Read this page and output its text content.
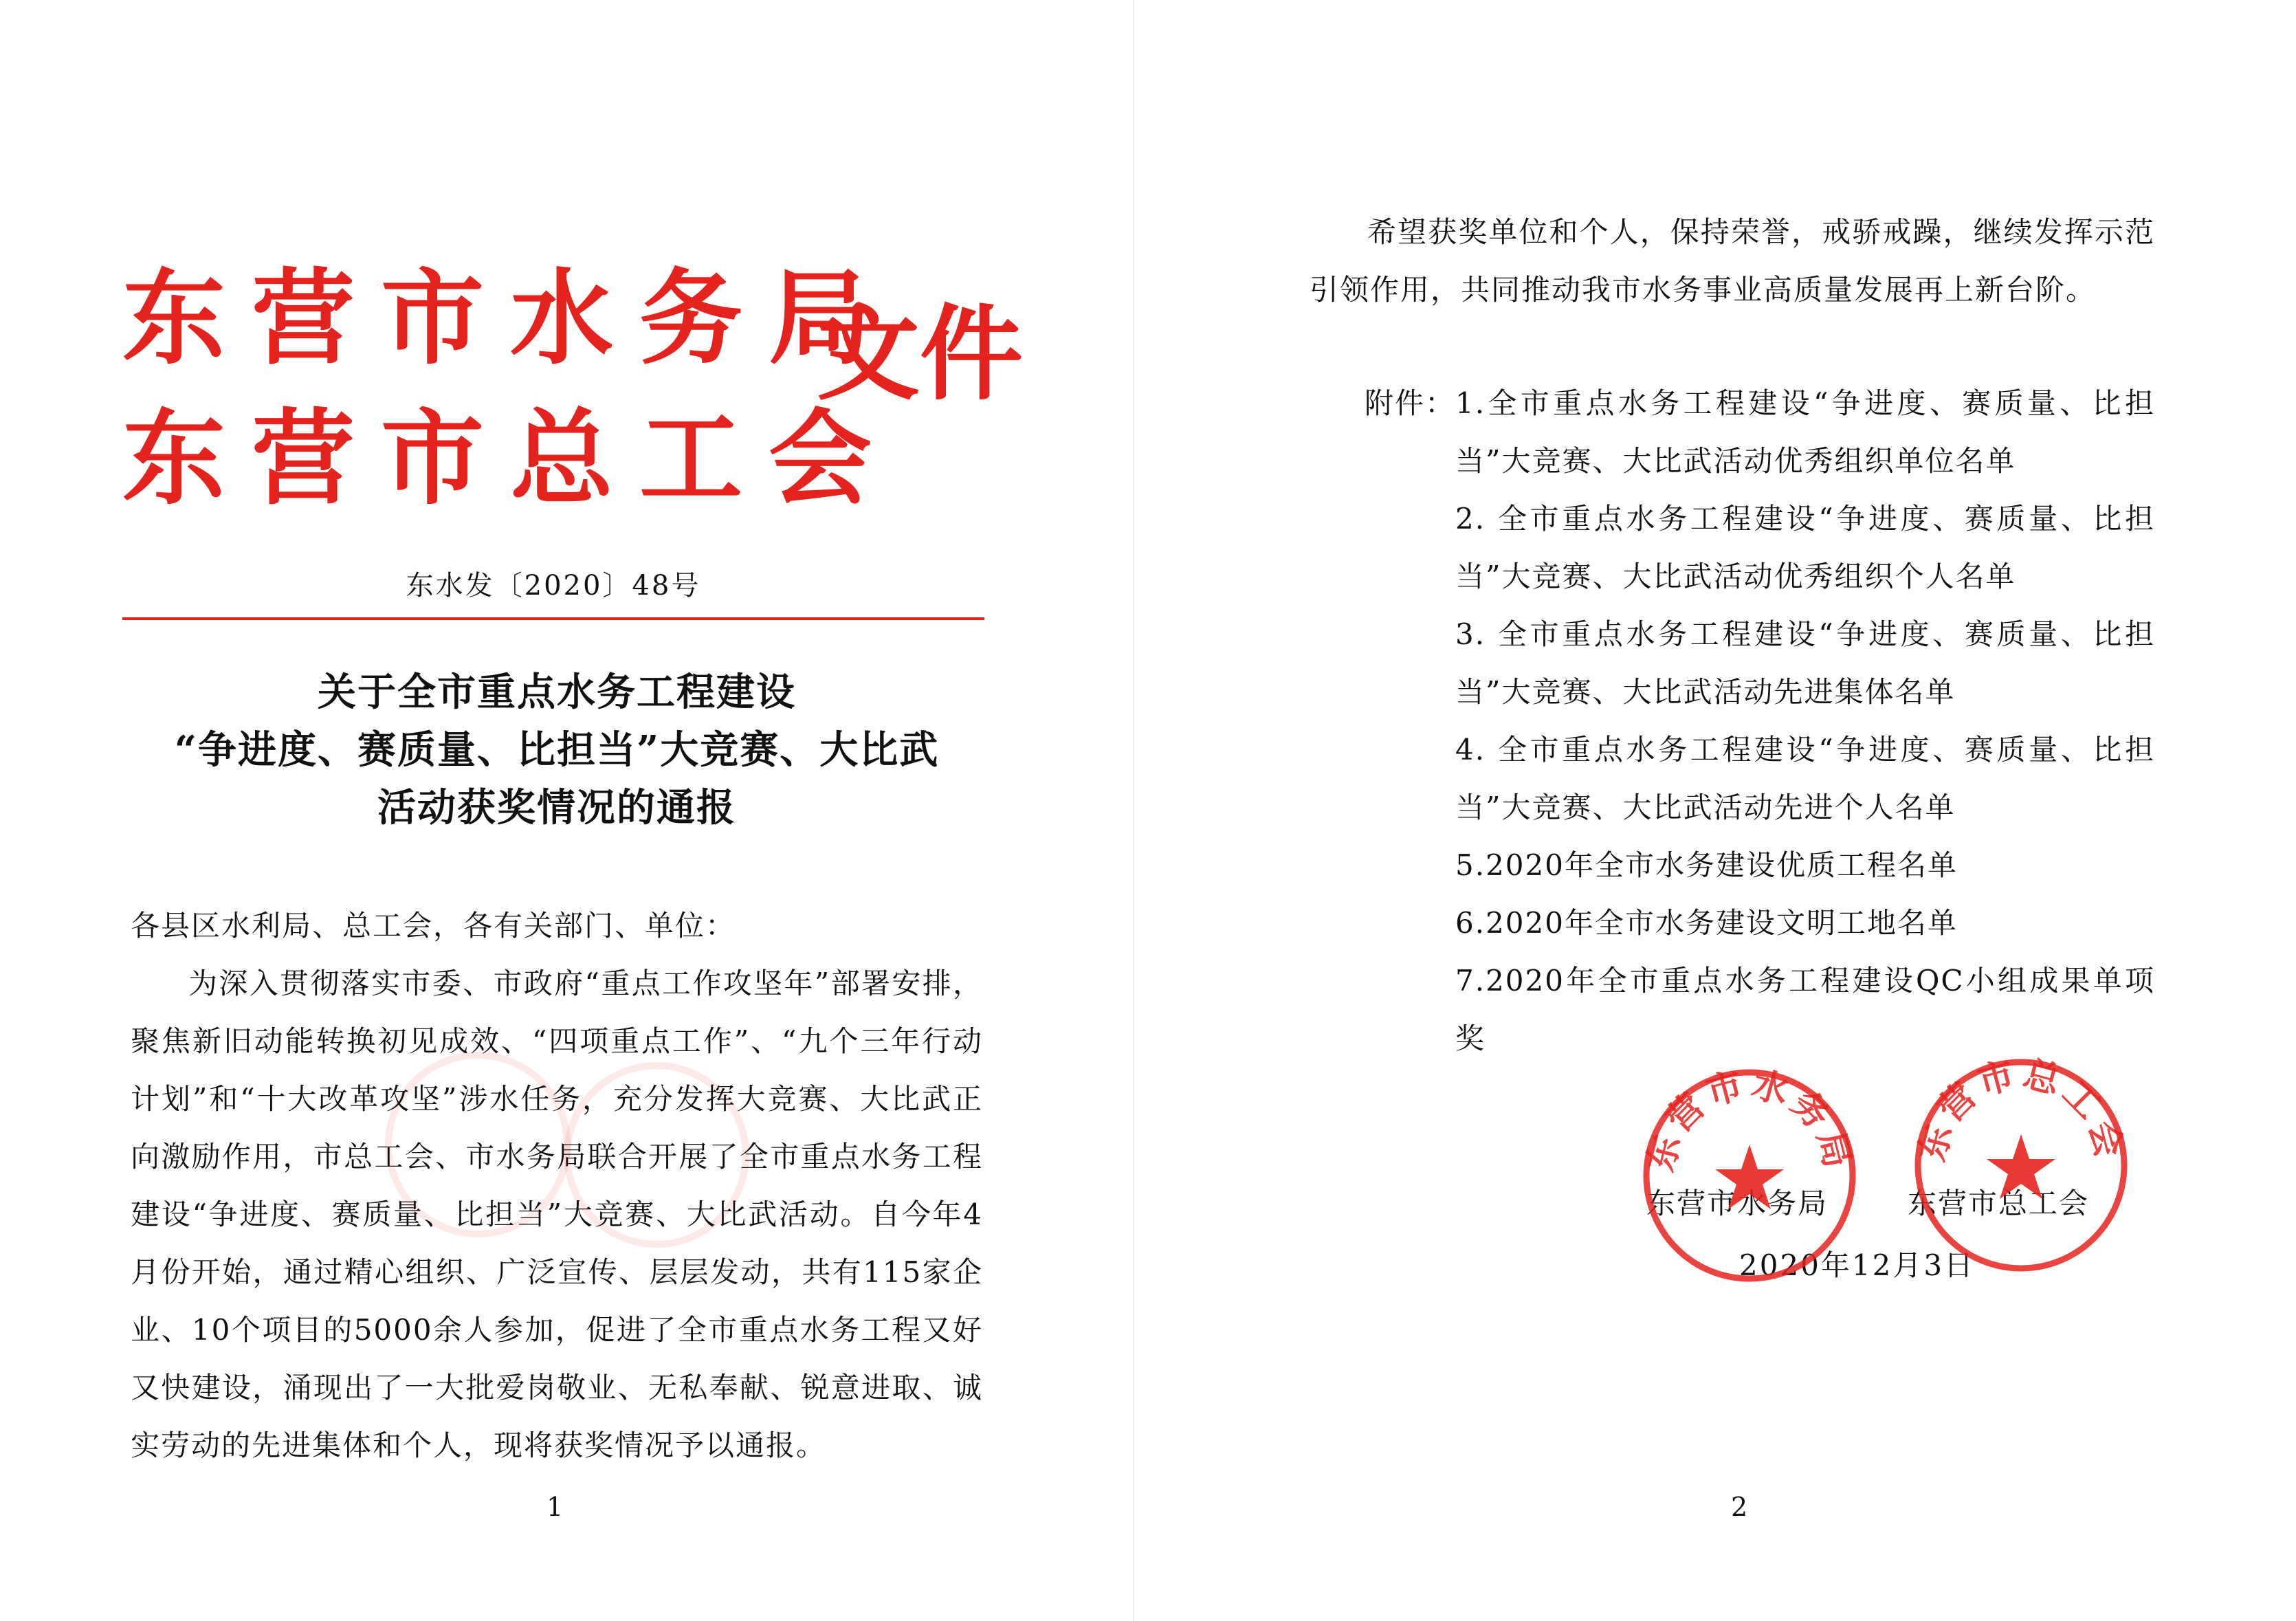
东营市水务局
东营市总工会
文件
东水发〔2020〕48号
关于全市重点水务工程建设
“争进度、赛质量、比担当”大竞赛、大比武
活动获奖情况的通报
各县区水利局、总工会，各有关部门、单位：
为深入贯彻落实市委、市政府“重点工作攻坚年”部署安排，聚焦新旧动能转换初见成效、“四项重点工作”、“九个三年行动计划”和“十大改革攻坚”涉水任务，充分发挥大竞赛、大比武正向激励作用，市总工会、市水务局联合开展了全市重点水务工程建设“争进度、赛质量、比担当”大竞赛、大比武活动。自今年4月份开始，通过精心组织、广泛宣传、层层发动，共有115家企业、10个项目的5000余人参加，促进了全市重点水务工程又好又快建设，涌现出了一大批爱岗敬业、无私奉献、锐意进取、诚实劳动的先进集体和个人，现将获奖情况予以通报。
1
希望获奖单位和个人，保持荣誉，戒骄戒躁，继续发挥示范引领作用，共同推动我市水务事业高质量发展再上新台阶。
附件： 1.全市重点水务工程建设“争进度、赛质量、比担当”大竞赛、大比武活动优秀组织单位名单
2. 全市重点水务工程建设“争进度、赛质量、比担当”大竞赛、大比武活动优秀组织个人名单
3. 全市重点水务工程建设“争进度、赛质量、比担当”大竞赛、大比武活动先进集体名单
4. 全市重点水务工程建设“争进度、赛质量、比担当”大竞赛、大比武活动先进个人名单
5.2020年全市水务建设优质工程名单
6.2020年全市水务建设文明工地名单
7.2020年全市重点水务工程建设QC小组成果单项奖
东营市水务局 东营市总工会
东营市水务局	东营市总工会
2020年12月3日
2
